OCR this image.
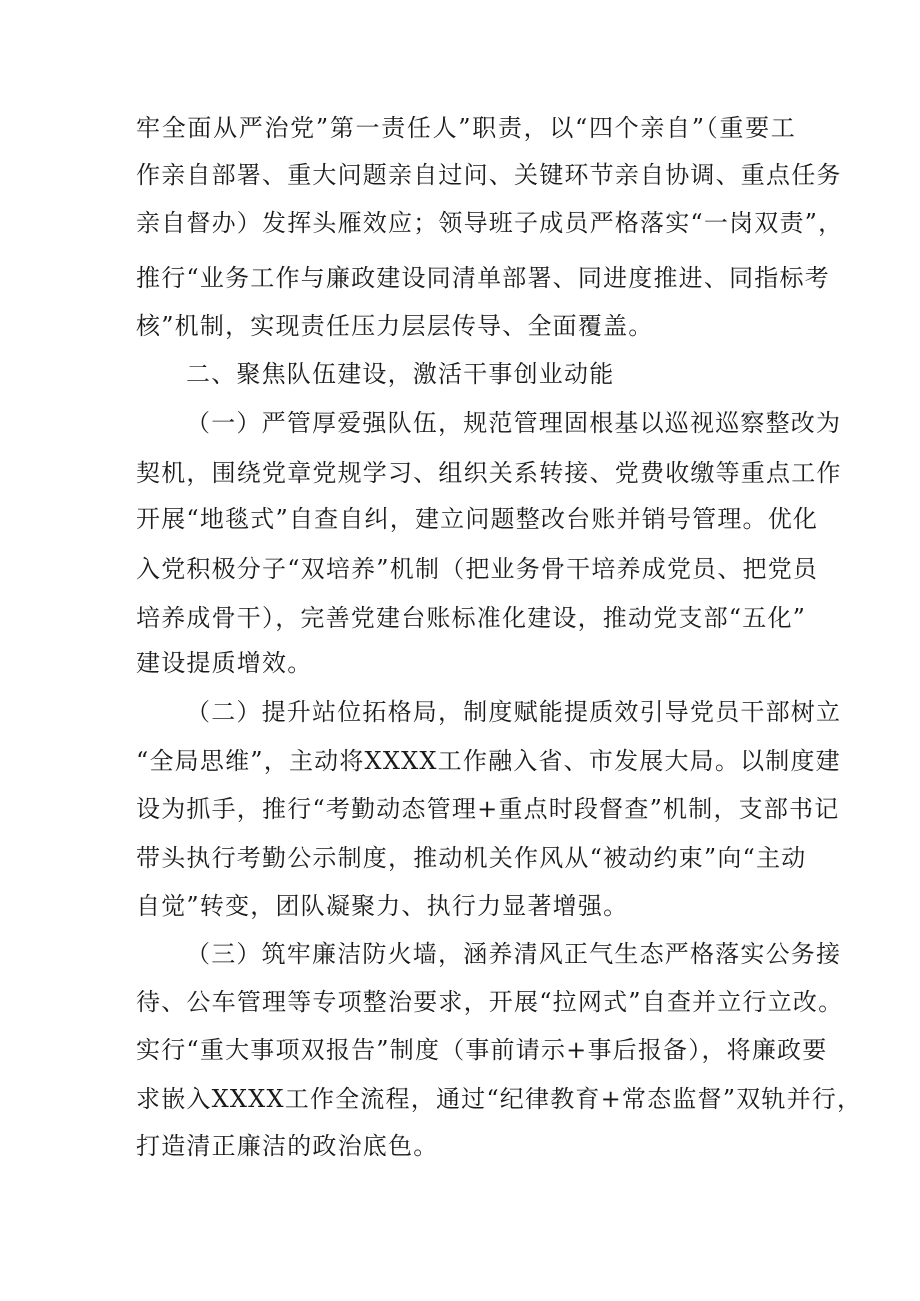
牢全面从严治党”第一责任人”职责，以“四个亲自”（重要工
作亲自部署、重大问题亲自过问、关键环节亲自协调、重点任务
亲自督办）发挥头雁效应；领导班子成员严格落实“一岗双责”，
推行“业务工作与廉政建设同清单部署、同进度推进、同指标考
核”机制，实现责任压力层层传导、全面覆盖。
二、聚焦队伍建设，激活干事创业动能
（一）严管厚爱强队伍，规范管理固根基以巡视巡察整改为
契机，围绕党章党规学习、组织关系转接、党费收缴等重点工作
开展“地毯式”自查自纠，建立问题整改台账并销号管理。优化
入党积极分子“双培养”机制（把业务骨干培养成党员、把党员
培养成骨干），完善党建台账标准化建设，推动党支部“五化”
建设提质增效。
（二）提升站位拓格局，制度赋能提质效引导党员干部树立
“全局思维”，主动将XXXX工作融入省、市发展大局。以制度建
设为抓手，推行“考勤动态管理+重点时段督查”机制，支部书记
带头执行考勤公示制度，推动机关作风从“被动约束”向“主动
自觉”转变，团队凝聚力、执行力显著增强。
（三）筑牢廉洁防火墙，涵养清风正气生态严格落实公务接
待、公车管理等专项整治要求，开展“拉网式”自查并立行立改。
实行“重大事项双报告”制度（事前请示+事后报备），将廉政要
求嵌入XXXX工作全流程，通过“纪律教育+常态监督”双轨并行，
打造清正廉洁的政治底色。
